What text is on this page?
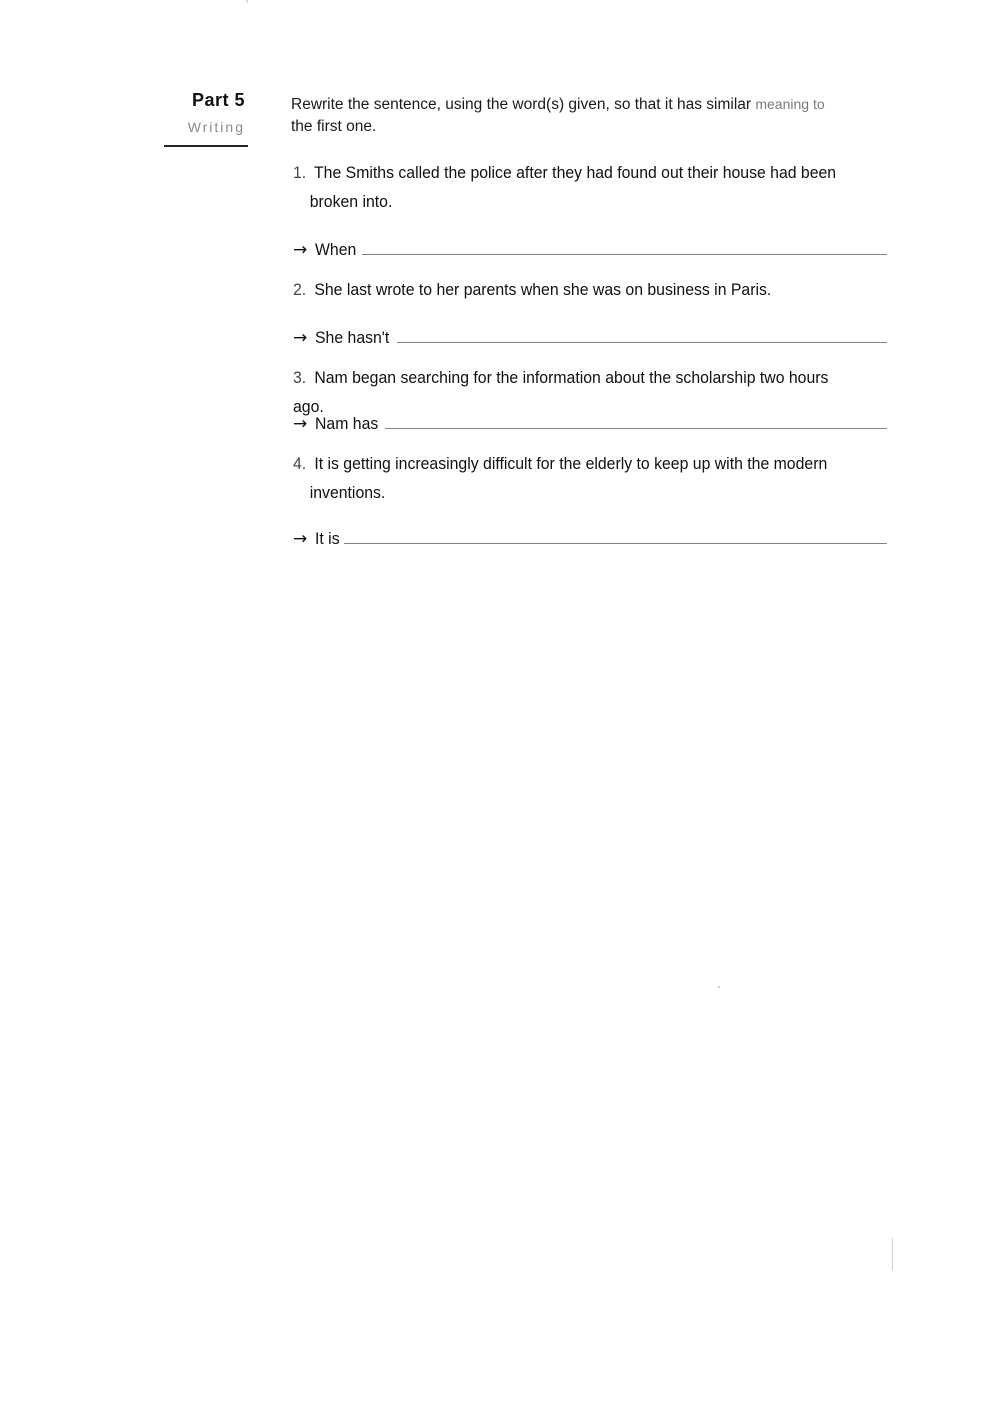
Part 5
Writing
Rewrite the sentence, using the word(s) given, so that it has similar meaning to
the first one.
1. The Smiths called the police after they had found out their house had been
broken into.
→ When
2. She last wrote to her parents when she was on business in Paris.
→ She hasn't
3. Nam began searching for the information about the scholarship two hours ago.
→ Nam has
4. It is getting increasingly difficult for the elderly to keep up with the modern
inventions.
→ It is
